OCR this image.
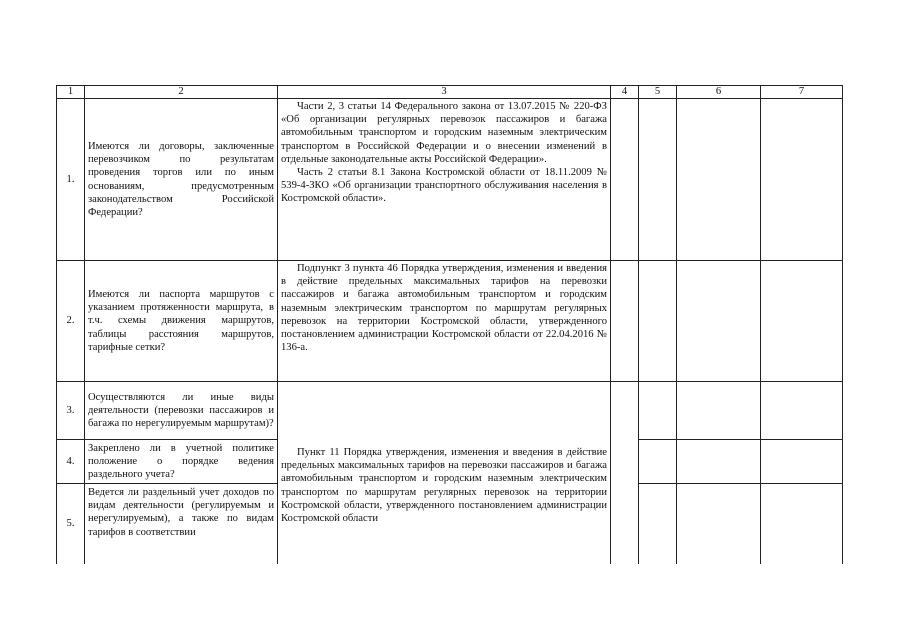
1	2	3	4	5	6	7
1.	Имеются ли договоры, заключенные перевозчиком по результатам проведения торгов или по иным основаниям, предусмотренным законодательством Российской Федерации?	Части 2, 3 статьи 14 Федерального закона от 13.07.2015 № 220-ФЗ «Об организации регулярных перевозок пассажиров и багажа автомобильным транспортом и городским наземным электрическим транспортом в Российской Федерации и о внесении изменений в отдельные законодательные акты Российской Федерации».

Часть 2 статьи 8.1 Закона Костромской области от 18.11.2009 № 539-4-ЗКО «Об организации транспортного обслуживания населения в Костромской области».				

2.	Имеются ли паспорта маршрутов с указанием протяженности маршрута, в т.ч. схемы движения маршрутов, таблицы расстояния маршрутов, тарифные сетки?	Подпункт 3 пункта 46 Порядка утверждения, изменения и введения в действие предельных максимальных тарифов на перевозки пассажиров и багажа автомобильным транспортом и городским наземным электрическим транспортом по маршрутам регулярных перевозок на территории Костромской области, утвержденного постановлением администрации Костромской области от 22.04.2016 № 136-а.				

3.	Осуществляются ли иные виды деятельности (перевозки пассажиров и багажа по нерегулируемым маршрутам)?	Пункт 11 Порядка утверждения, изменения и введения в действие предельных максимальных тарифов на перевозки пассажиров и багажа автомобильным транспортом и городским наземным электрическим транспортом по маршрутам регулярных перевозок на территории Костромской области, утвержденного постановлением администрации Костромской области				

4.	Закреплено ли в учетной политике положение о порядке ведения раздельного учета?					
5.	Ведется ли раздельный учет доходов по видам деятельности (регулируемым и нерегулируемым), а также по видам тарифов в соответствии					
